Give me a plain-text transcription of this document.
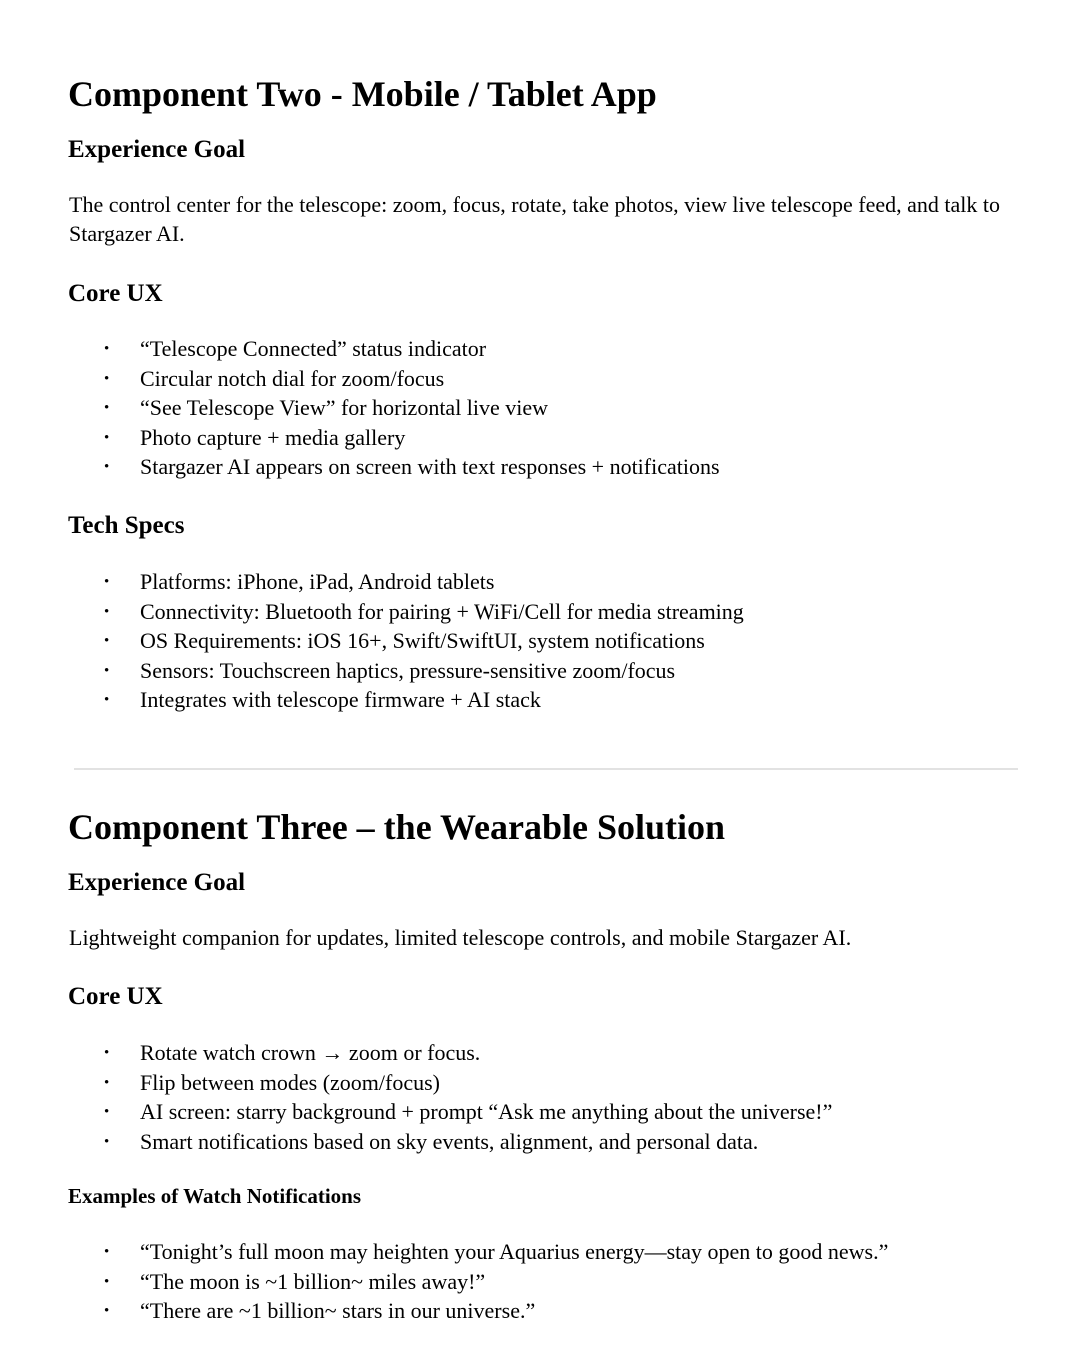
Component Two - Mobile / Tablet App
Experience Goal

The control center for the telescope: zoom, focus, rotate, take photos, view live telescope feed, and talk to Stargazer AI.

Core UX
• “Telescope Connected” status indicator
• Circular notch dial for zoom/focus
• “See Telescope View” for horizontal live view
• Photo capture + media gallery
• Stargazer AI appears on screen with text responses + notifications
Tech Specs
• Platforms: iPhone, iPad, Android tablets
• Connectivity: Bluetooth for pairing + WiFi/Cell for media streaming
• OS Requirements: iOS 16+, Swift/SwiftUI, system notifications
• Sensors: Touchscreen haptics, pressure-sensitive zoom/focus
• Integrates with telescope firmware + AI stack
Component Three – the Wearable Solution
Experience Goal

Lightweight companion for updates, limited telescope controls, and mobile Stargazer AI.

Core UX
• Rotate watch crown → zoom or focus.
• Flip between modes (zoom/focus)
• AI screen: starry background + prompt “Ask me anything about the universe!”
• Smart notifications based on sky events, alignment, and personal data.
Examples of Watch Notifications
• “Tonight’s full moon may heighten your Aquarius energy—stay open to good news.”
• “The moon is ~1 billion~ miles away!”
• “There are ~1 billion~ stars in our universe.”
